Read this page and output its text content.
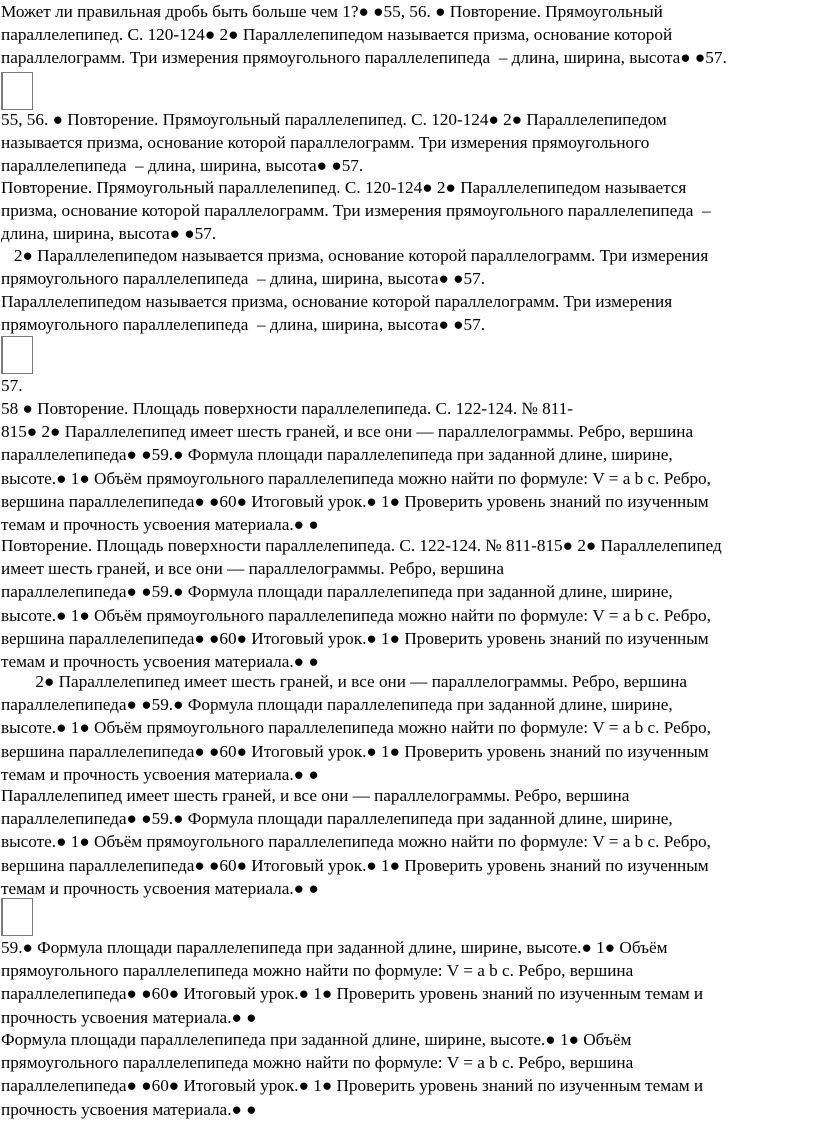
Может ли правильная дробь быть больше чем 1?● ●55, 56. ● Повторение. Прямоугольный
параллелепипед. С. 120-124● 2● Параллелепипедом называется призма, основание которой
параллелограмм. Три измерения прямоугольного параллелепипеда  – длина, ширина, высота● ●57.

55, 56. ● Повторение. Прямоугольный параллелепипед. С. 120-124● 2● Параллелепипедом
называется призма, основание которой параллелограмм. Три измерения прямоугольного
параллелепипеда  – длина, ширина, высота● ●57.

Повторение. Прямоугольный параллелепипед. С. 120-124● 2● Параллелепипедом называется
призма, основание которой параллелограмм. Три измерения прямоугольного параллелепипеда  –
длина, ширина, высота● ●57.

2● Параллелепипедом называется призма, основание которой параллелограмм. Три измерения
прямоугольного параллелепипеда  – длина, ширина, высота● ●57.

Параллелепипедом называется призма, основание которой параллелограмм. Три измерения
прямоугольного параллелепипеда  – длина, ширина, высота● ●57.

57.

58 ● Повторение. Площадь поверхности параллелепипеда. С. 122-124. № 811-
815● 2● Параллелепипед имеет шесть граней, и все они — параллелограммы. Ребро, вершина
параллелепипеда● ●59.● Формула площади параллелепипеда при заданной длине, ширине,
высоте.● 1● Объём прямоугольного параллелепипеда можно найти по формуле: V = a b c. Ребро,
вершина параллелепипеда● ●60● Итоговый урок.● 1● Проверить уровень знаний по изученным
темам и прочность усвоения материала.● ●

Повторение. Площадь поверхности параллелепипеда. С. 122-124. № 811-815● 2● Параллелепипед
имеет шесть граней, и все они — параллелограммы. Ребро, вершина
параллелепипеда● ●59.● Формула площади параллелепипеда при заданной длине, ширине,
высоте.● 1● Объём прямоугольного параллелепипеда можно найти по формуле: V = a b c. Ребро,
вершина параллелепипеда● ●60● Итоговый урок.● 1● Проверить уровень знаний по изученным
темам и прочность усвоения материала.● ●

2● Параллелепипед имеет шесть граней, и все они — параллелограммы. Ребро, вершина
параллелепипеда● ●59.● Формула площади параллелепипеда при заданной длине, ширине,
высоте.● 1● Объём прямоугольного параллелепипеда можно найти по формуле: V = a b c. Ребро,
вершина параллелепипеда● ●60● Итоговый урок.● 1● Проверить уровень знаний по изученным
темам и прочность усвоения материала.● ●

Параллелепипед имеет шесть граней, и все они — параллелограммы. Ребро, вершина
параллелепипеда● ●59.● Формула площади параллелепипеда при заданной длине, ширине,
высоте.● 1● Объём прямоугольного параллелепипеда можно найти по формуле: V = a b c. Ребро,
вершина параллелепипеда● ●60● Итоговый урок.● 1● Проверить уровень знаний по изученным
темам и прочность усвоения материала.● ●

59.● Формула площади параллелепипеда при заданной длине, ширине, высоте.● 1● Объём
прямоугольного параллелепипеда можно найти по формуле: V = a b c. Ребро, вершина
параллелепипеда● ●60● Итоговый урок.● 1● Проверить уровень знаний по изученным темам и
прочность усвоения материала.● ●

Формула площади параллелепипеда при заданной длине, ширине, высоте.● 1● Объём
прямоугольного параллелепипеда можно найти по формуле: V = a b c. Ребро, вершина
параллелепипеда● ●60● Итоговый урок.● 1● Проверить уровень знаний по изученным темам и
прочность усвоения материала.● ●
